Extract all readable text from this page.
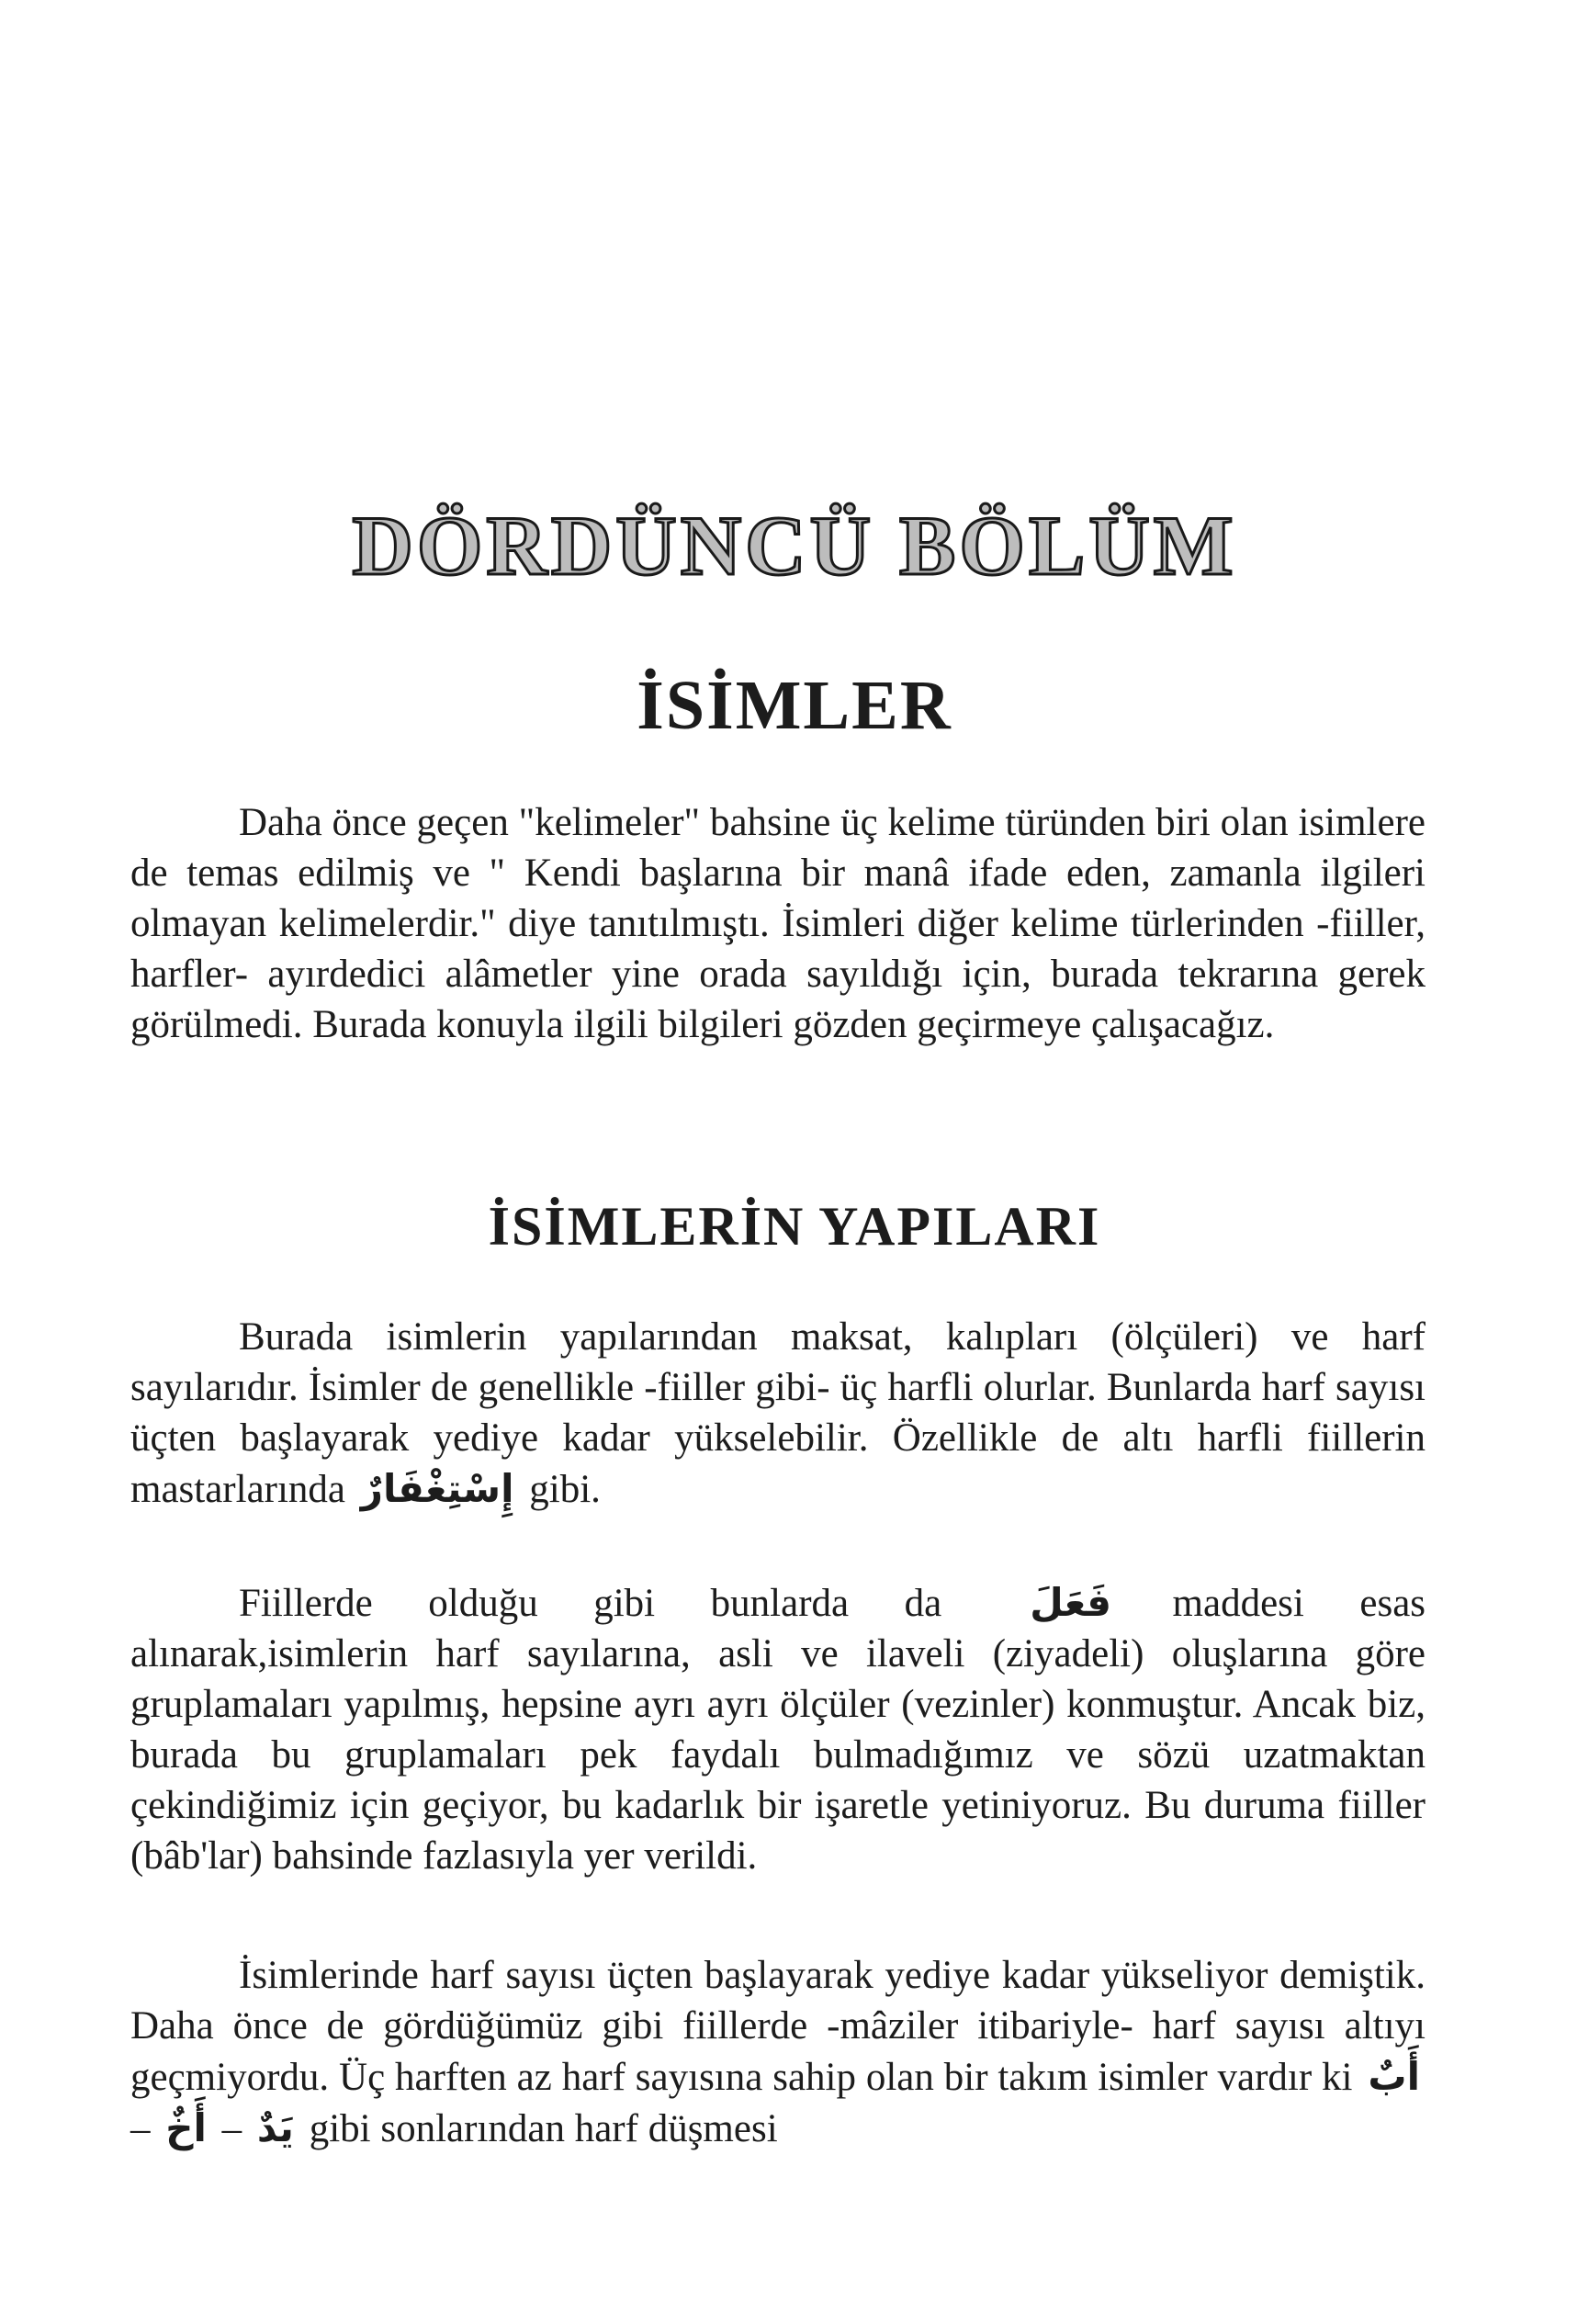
DÖRDÜNCÜ BÖLÜM
İSİMLER

Daha önce geçen "kelimeler" bahsine üç kelime türünden biri olan isimlere de temas edilmiş ve " Kendi başlarına bir manâ ifade eden, zamanla ilgileri olmayan kelimelerdir." diye tanıtılmıştı. İsimleri diğer kelime türlerinden -fiiller, harfler- ayırdedici alâmetler yine orada sayıldığı için, burada tekrarına gerek görülmedi. Burada konuyla ilgili bilgileri gözden geçirmeye çalışacağız.

İSİMLERİN YAPILARI

Burada isimlerin yapılarından maksat, kalıpları (ölçüleri) ve harf sayılarıdır. İsimler de genellikle -fiiller gibi- üç harfli olurlar. Bunlarda harf sayısı üçten başlayarak yediye kadar yükselebilir. Özellikle de altı harfli fiillerin mastarlarında إِسْتِغْفَارٌ gibi.

Fiillerde olduğu gibi bunlarda da فَعَلَ maddesi esas alınarak,isimlerin harf sayılarına, asli ve ilaveli (ziyadeli) oluşlarına göre gruplamaları yapılmış, hepsine ayrı ayrı ölçüler (vezinler) konmuştur. Ancak biz, burada bu gruplamaları pek faydalı bulmadığımız ve sözü uzatmaktan çekindiğimiz için geçiyor, bu kadarlık bir işaretle yetiniyoruz. Bu duruma fiiller (bâb'lar) bahsinde fazlasıyla yer verildi.

İsimlerinde harf sayısı üçten başlayarak yediye kadar yükseliyor demiştik. Daha önce de gördüğümüz gibi fiillerde -mâziler itibariyle- harf sayısı altıyı geçmiyordu. Üç harften az harf sayısına sahip olan bir takım isimler vardır ki أَبٌ – أَخٌ – يَدٌ gibi sonlarından harf düşmesi
